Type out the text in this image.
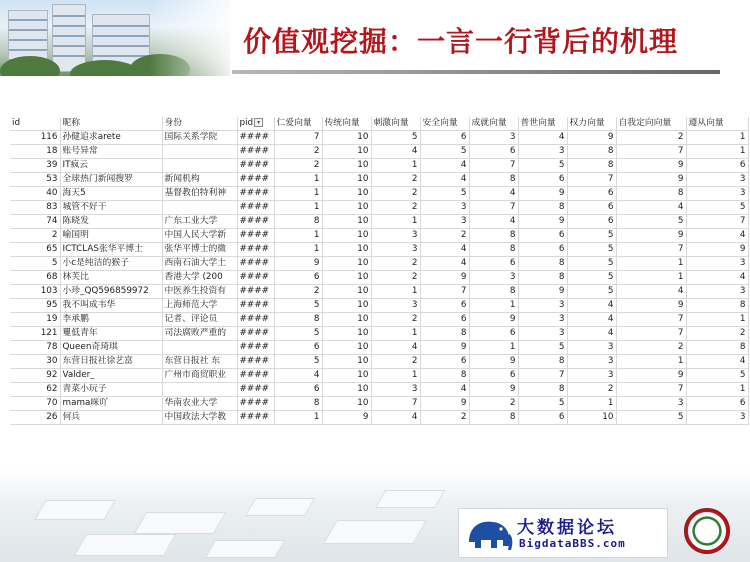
价值观挖掘：一言一行背后的机理
id	昵称	身份	pid ▾	仁爱向量	传统向量	刺激向量	安全向量	成就向量	普世向量	权力向量	自我定向向量	遵从向量	
116	孙健追求arete	国际关系学院	####	7	10	5	6	3	4	9	2	1	
18	账号异常		####	2	10	4	5	6	3	8	7	1	
39	IT疯云		####	2	10	1	4	7	5	8	9	6	
53	全球热门新闻搜罗	新闻机构	####	1	10	2	4	8	6	7	9	3	
40	海天5	基督教伯特利神	####	1	10	2	5	4	9	6	8	3	
83	城管不好干		####	1	10	2	3	7	8	6	4	5	
74	陈晓发	广东工业大学	####	8	10	1	3	4	9	6	5	7	
2	喻国明	中国人民大学新	####	1	10	3	2	8	6	5	9	4	
65	ICTCLAS张华平博士	张华平博士的微	####	1	10	3	4	8	6	5	7	9	
5	小c是纯洁的猴子	西南石油大学土	####	9	10	2	4	6	8	5	1	3	
68	林芙比	香港大学 (200	####	6	10	2	9	3	8	5	1	4	
103	小珍_QQ596859972	中医养生投资有	####	2	10	1	7	8	9	5	4	3	
95	我不叫成韦华	上海师范大学	####	5	10	3	6	1	3	4	9	8	
19	李承鹏	记者、评论员	####	8	10	2	6	9	3	4	7	1	
121	矍低青年	司法腐败严重的	####	5	10	1	8	6	3	4	7	2	
78	Queen奇琦琪		####	6	10	4	9	1	5	3	2	8	
30	东营日报社徐艺富	东营日报社 东	####	5	10	2	6	9	8	3	1	4	
92	Valder_	广州市商贸职业	####	4	10	1	8	6	7	3	9	5	
62	青菜小玩子		####	6	10	3	4	9	8	2	7	1	
70	mama咪吖	华南农业大学	####	8	10	7	9	2	5	1	3	6	
26	何兵	中国政法大学教	####	1	9	4	2	8	6	10	5	3	
大数据论坛
BigdataBBS.com
